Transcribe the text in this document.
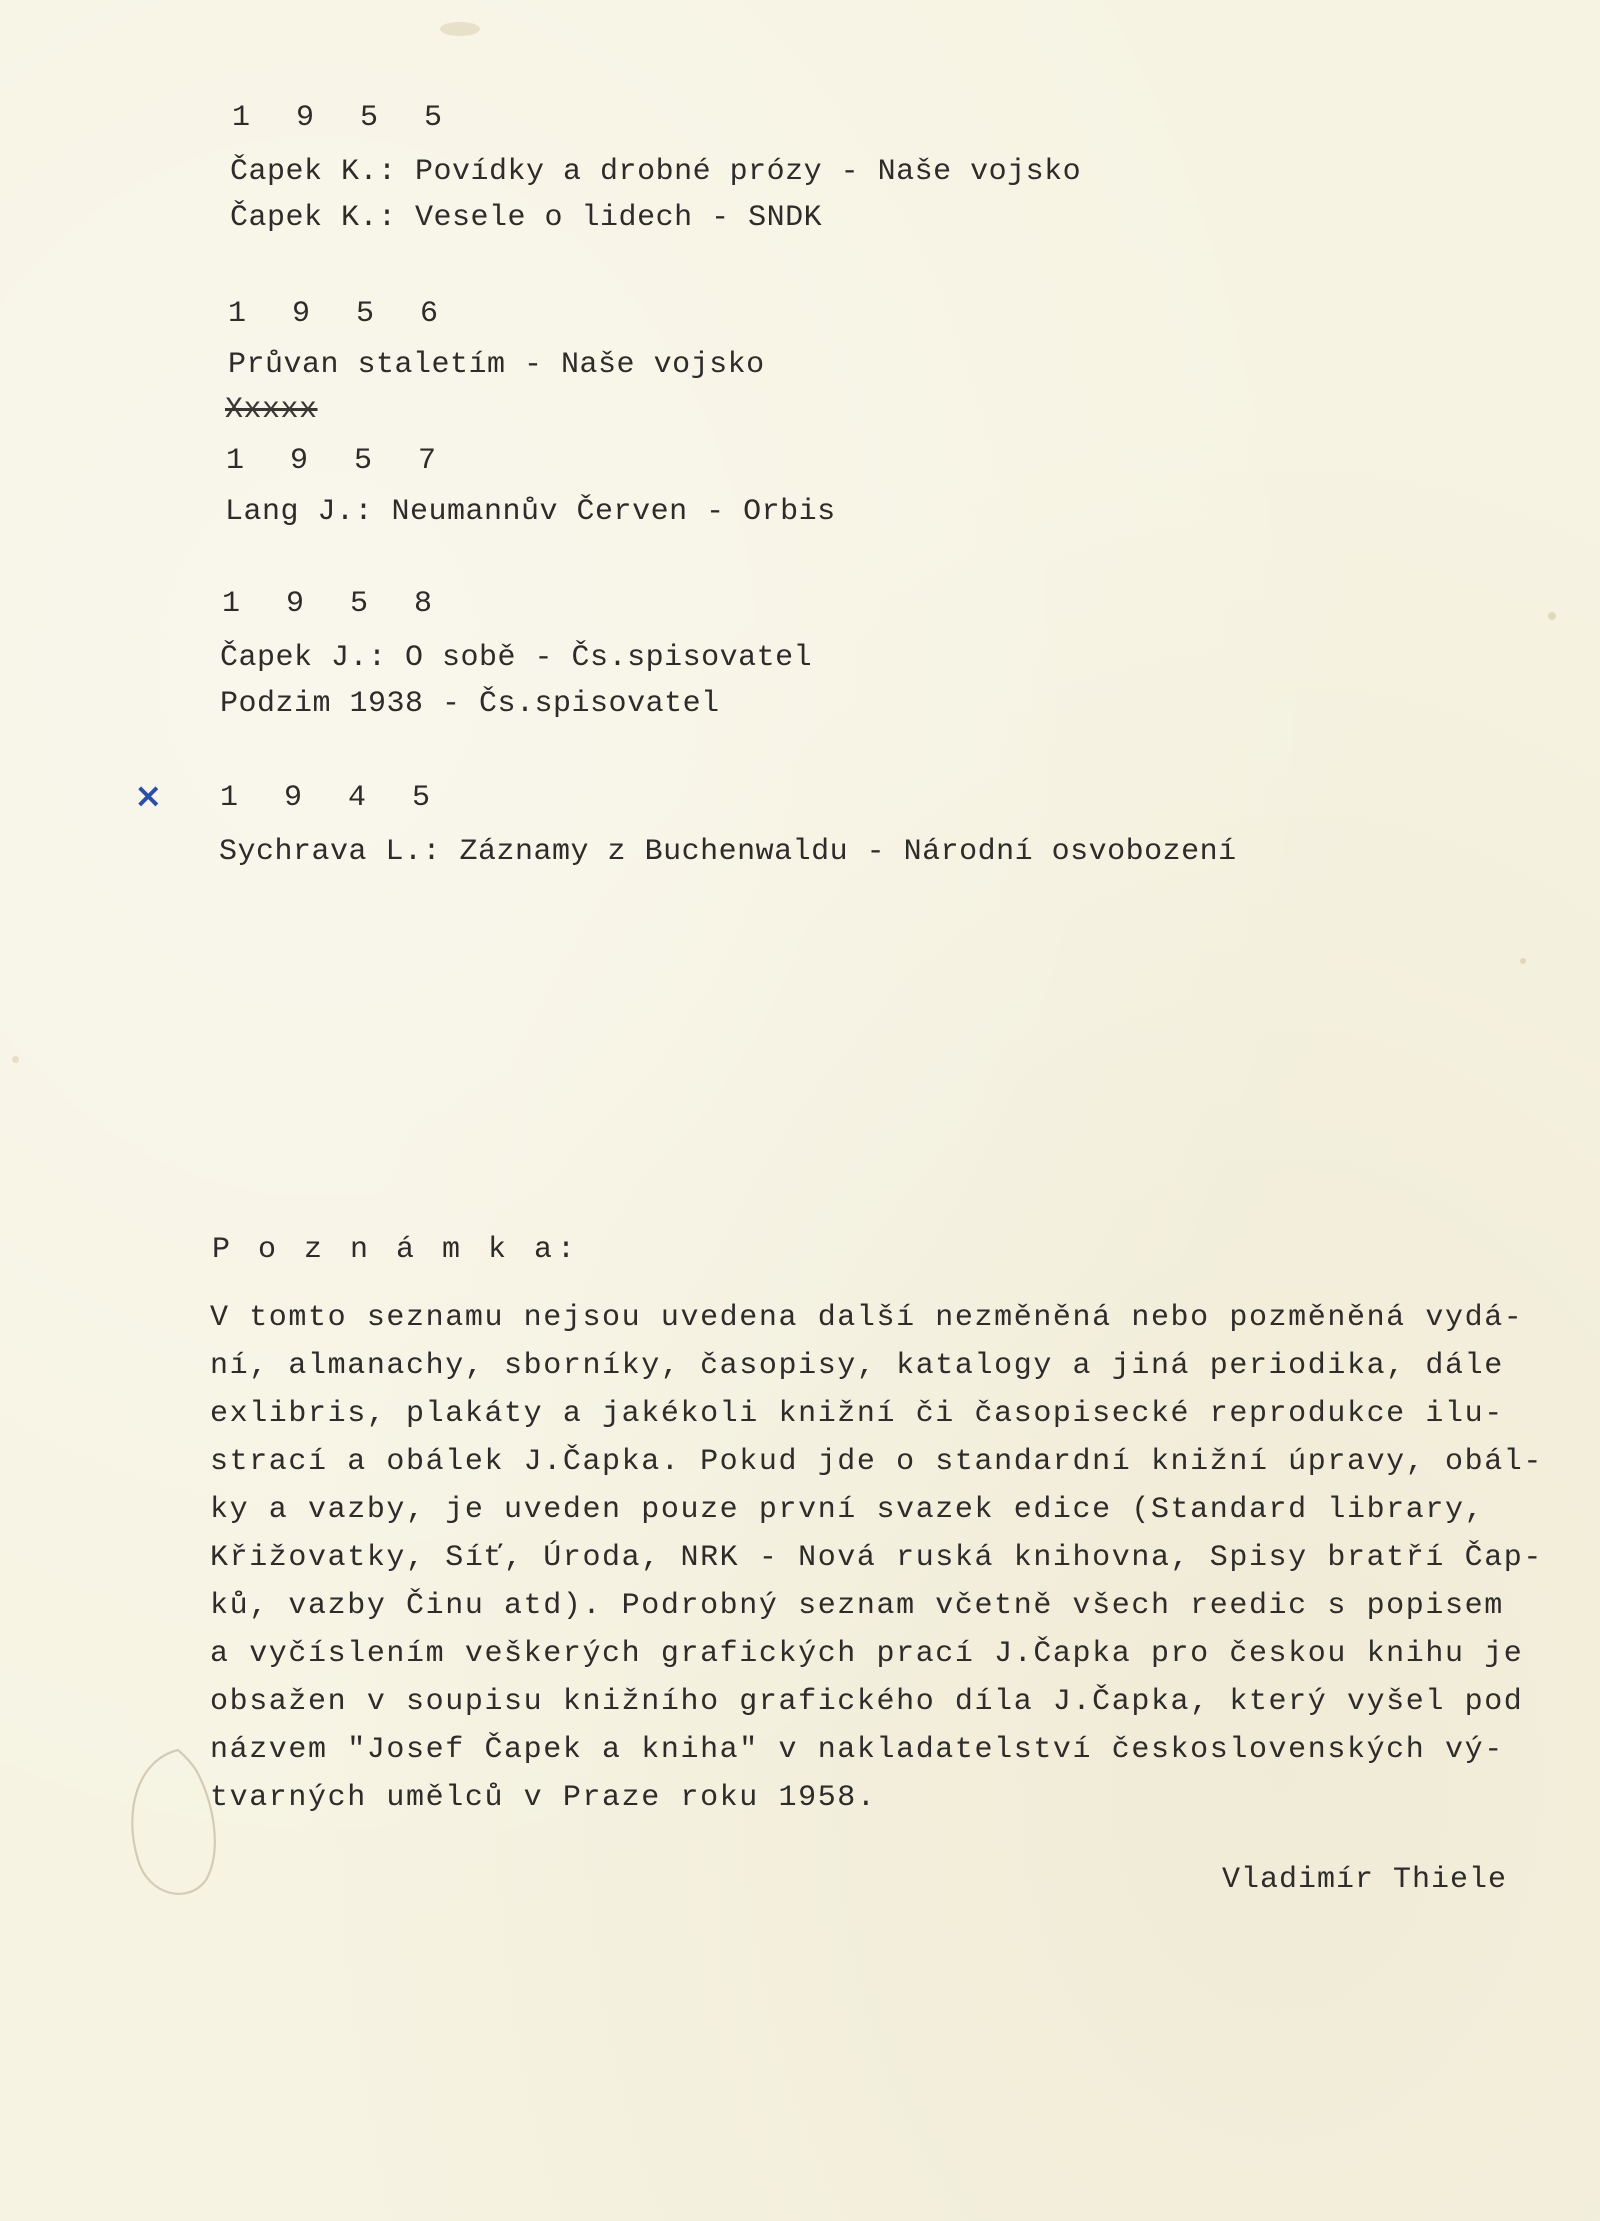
1 9 5 5
Čapek K.: Povídky a drobné prózy - Naše vojsko
Čapek K.: Vesele o lidech - SNDK
1 9 5 6
Průvan staletím - Naše vojsko
Xxxxx
1 9 5 7
Lang J.: Neumannův Červen - Orbis
1 9 5 8
Čapek J.: O sobě - Čs.spisovatel
Podzim 1938 - Čs.spisovatel
× 1 9 4 5
Sychrava L.: Záznamy z Buchenwaldu - Národní osvobození
P o z n á m k a:
V tomto seznamu nejsou uvedena další nezměněná nebo pozměněná vydá-
ní, almanachy, sborníky, časopisy, katalogy a jiná periodika, dále
exlibris, plakáty a jakékoli knižní či časopisecké reprodukce ilu-
strací a obálek J.Čapka. Pokud jde o standardní knižní úpravy, obál-
ky a vazby, je uveden pouze první svazek edice (Standard library,
Křižovatky, Síť, Úroda, NRK - Nová ruská knihovna, Spisy bratří Čap-
ků, vazby Činu atd). Podrobný seznam včetně všech reedic s popisem
a vyčíslením veškerých grafických prací J.Čapka pro českou knihu je
obsažen v soupisu knižního grafického díla J.Čapka, který vyšel pod
názvem "Josef Čapek a kniha" v nakladatelství československých vý-
tvarných umělců v Praze roku 1958.
Vladimír Thiele
